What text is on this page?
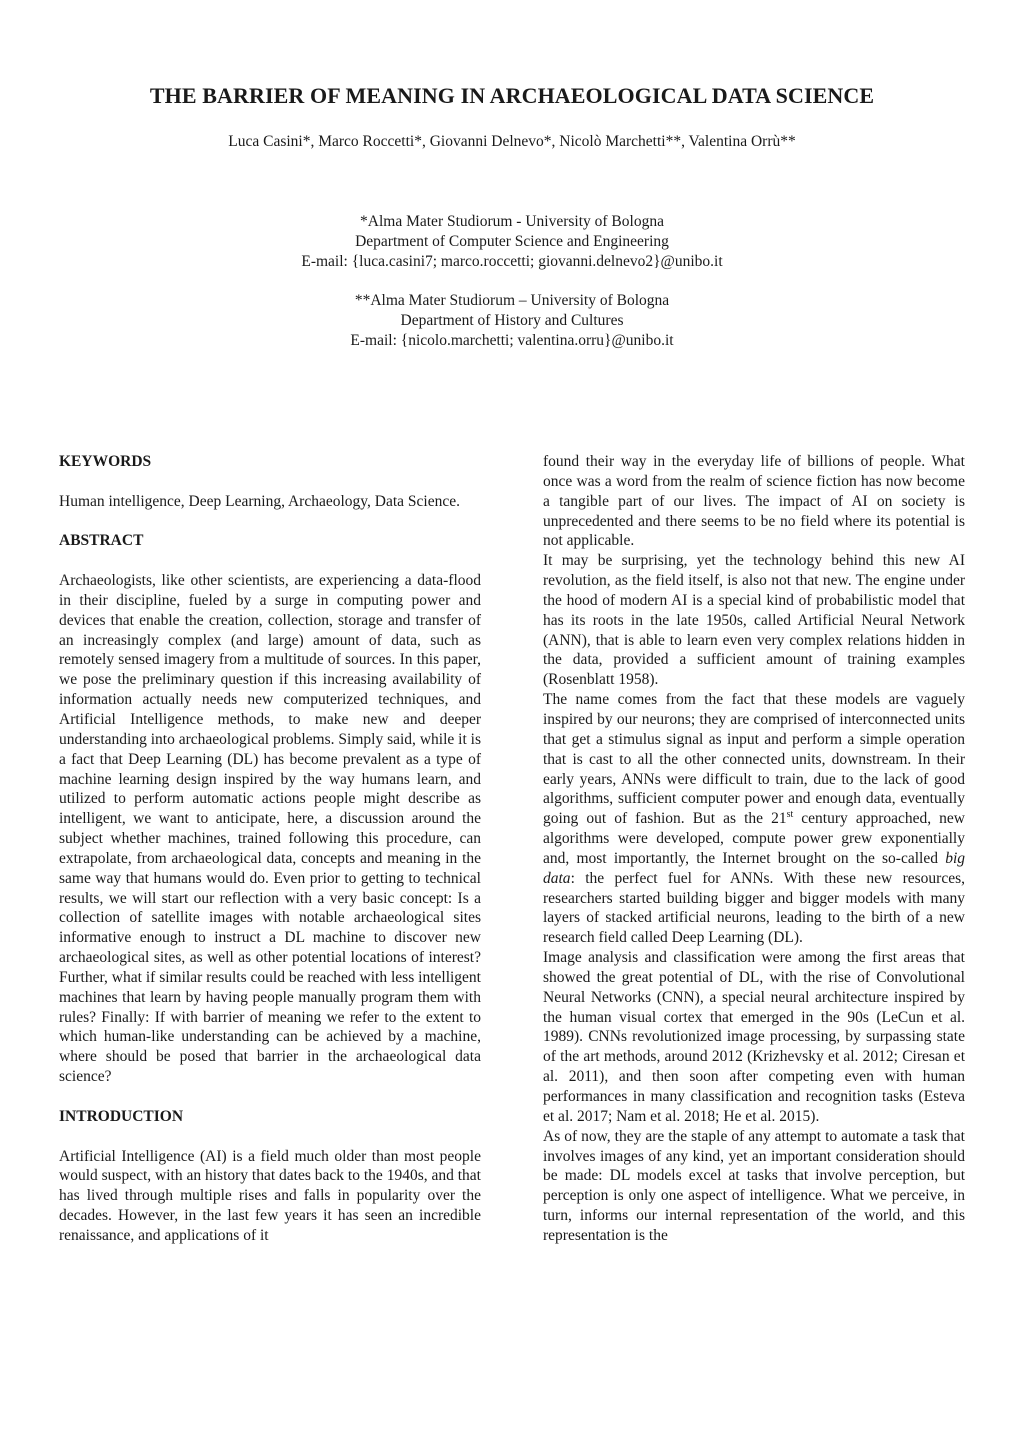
THE BARRIER OF MEANING IN ARCHAEOLOGICAL DATA SCIENCE
Luca Casini*, Marco Roccetti*, Giovanni Delnevo*, Nicolò Marchetti**, Valentina Orrù**
*Alma Mater Studiorum - University of Bologna
Department of Computer Science and Engineering
E-mail: {luca.casini7; marco.roccetti; giovanni.delnevo2}@unibo.it
**Alma Mater Studiorum – University of Bologna
Department of History and Cultures
E-mail: {nicolo.marchetti; valentina.orru}@unibo.it

KEYWORDS

Human intelligence, Deep Learning, Archaeology, Data Science.

ABSTRACT

Archaeologists, like other scientists, are experiencing a data-flood in their discipline, fueled by a surge in computing power and devices that enable the creation, collection, storage and transfer of an increasingly complex (and large) amount of data, such as remotely sensed imagery from a multitude of sources. In this paper, we pose the preliminary question if this increasing availability of information actually needs new computerized techniques, and Artificial Intelligence methods, to make new and deeper understanding into archaeological problems. Simply said, while it is a fact that Deep Learning (DL) has become prevalent as a type of machine learning design inspired by the way humans learn, and utilized to perform automatic actions people might describe as intelligent, we want to anticipate, here, a discussion around the subject whether machines, trained following this procedure, can extrapolate, from archaeological data, concepts and meaning in the same way that humans would do. Even prior to getting to technical results, we will start our reflection with a very basic concept: Is a collection of satellite images with notable archaeological sites informative enough to instruct a DL machine to discover new archaeological sites, as well as other potential locations of interest? Further, what if similar results could be reached with less intelligent machines that learn by having people manually program them with rules? Finally: If with barrier of meaning we refer to the extent to which human-like understanding can be achieved by a machine, where should be posed that barrier in the archaeological data science?

INTRODUCTION

Artificial Intelligence (AI) is a field much older than most people would suspect, with an history that dates back to the 1940s, and that has lived through multiple rises and falls in popularity over the decades. However, in the last few years it has seen an incredible renaissance, and applications of it

found their way in the everyday life of billions of people. What once was a word from the realm of science fiction has now become a tangible part of our lives. The impact of AI on society is unprecedented and there seems to be no field where its potential is not applicable.

It may be surprising, yet the technology behind this new AI revolution, as the field itself, is also not that new. The engine under the hood of modern AI is a special kind of probabilistic model that has its roots in the late 1950s, called Artificial Neural Network (ANN), that is able to learn even very complex relations hidden in the data, provided a sufficient amount of training examples (Rosenblatt 1958).

The name comes from the fact that these models are vaguely inspired by our neurons; they are comprised of interconnected units that get a stimulus signal as input and perform a simple operation that is cast to all the other connected units, downstream. In their early years, ANNs were difficult to train, due to the lack of good algorithms, sufficient computer power and enough data, eventually going out of fashion. But as the 21st century approached, new algorithms were developed, compute power grew exponentially and, most importantly, the Internet brought on the so-called big data: the perfect fuel for ANNs. With these new resources, researchers started building bigger and bigger models with many layers of stacked artificial neurons, leading to the birth of a new research field called Deep Learning (DL).

Image analysis and classification were among the first areas that showed the great potential of DL, with the rise of Convolutional Neural Networks (CNN), a special neural architecture inspired by the human visual cortex that emerged in the 90s (LeCun et al. 1989). CNNs revolutionized image processing, by surpassing state of the art methods, around 2012 (Krizhevsky et al. 2012; Ciresan et al. 2011), and then soon after competing even with human performances in many classification and recognition tasks (Esteva et al. 2017; Nam et al. 2018; He et al. 2015).

As of now, they are the staple of any attempt to automate a task that involves images of any kind, yet an important consideration should be made: DL models excel at tasks that involve perception, but perception is only one aspect of intelligence. What we perceive, in turn, informs our internal representation of the world, and this representation is the
